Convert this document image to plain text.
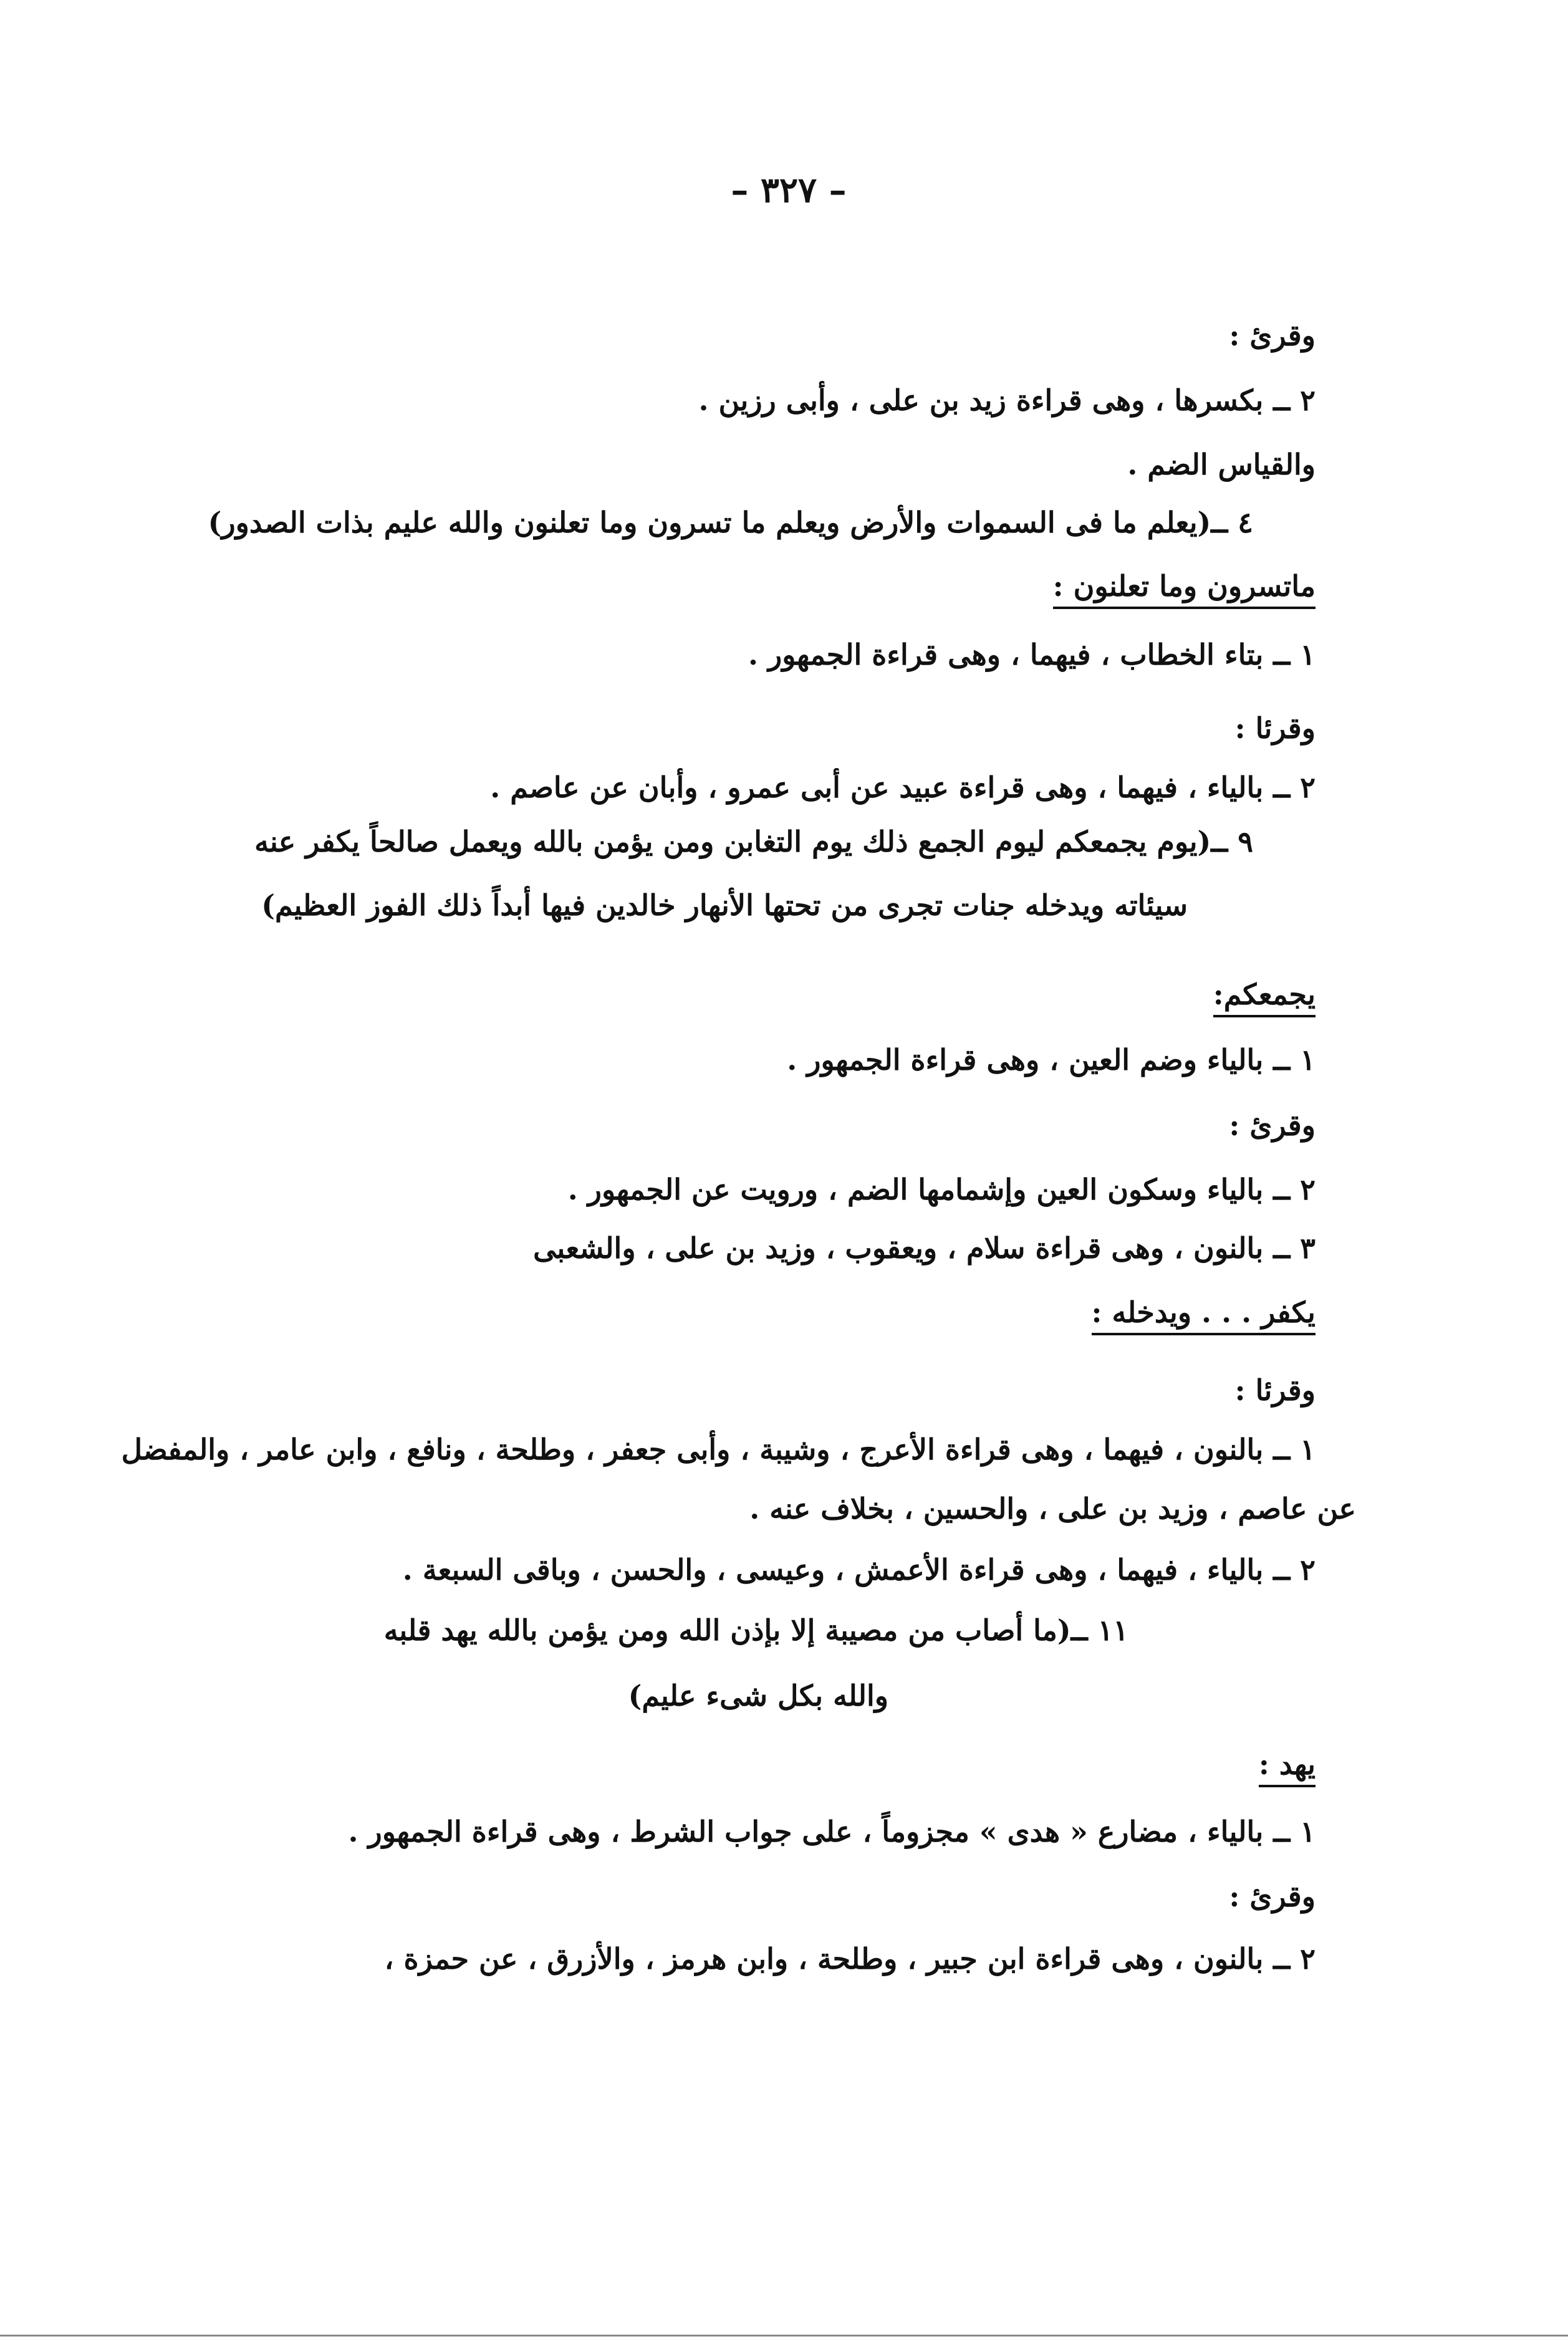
– ٣٢٧ –
وقرئ :
٢ ــ بكسرها ، وهى قراءة زيد بن على ، وأبى رزين .
والقياس الضم .
٤ ــ(يعلم ما فى السموات والأرض ويعلم ما تسرون وما تعلنون والله عليم بذات الصدور)
ماتسرون وما تعلنون :
١ ــ بتاء الخطاب ، فيهما ، وهى قراءة الجمهور .
وقرئا :
٢ ــ بالياء ، فيهما ، وهى قراءة عبيد عن أبى عمرو ، وأبان عن عاصم .
٩ ــ(يوم يجمعكم ليوم الجمع ذلك يوم التغابن ومن يؤمن بالله ويعمل صالحاً يكفر عنه
سيئاته ويدخله جنات تجرى من تحتها الأنهار خالدين فيها أبداً ذلك الفوز العظيم)
يجمعكم:
١ ــ بالياء وضم العين ، وهى قراءة الجمهور .
وقرئ :
٢ ــ بالياء وسكون العين وإشمامها الضم ، ورويت عن الجمهور .
٣ ــ بالنون ، وهى قراءة سلام ، ويعقوب ، وزيد بن على ، والشعبى
يكفر . . . ويدخله :
وقرئا :
١ ــ بالنون ، فيهما ، وهى قراءة الأعرج ، وشيبة ، وأبى جعفر ، وطلحة ، ونافع ، وابن عامر ، والمفضل
عن عاصم ، وزيد بن على ، والحسين ، بخلاف عنه .
٢ ــ بالياء ، فيهما ، وهى قراءة الأعمش ، وعيسى ، والحسن ، وباقى السبعة .
١١ ــ(ما أصاب من مصيبة إلا بإذن الله ومن يؤمن بالله يهد قلبه
والله بكل شىء عليم)
يهد :
١ ــ بالياء ، مضارع « هدى » مجزوماً ، على جواب الشرط ، وهى قراءة الجمهور .
وقرئ :
٢ ــ بالنون ، وهى قراءة ابن جبير ، وطلحة ، وابن هرمز ، والأزرق ، عن حمزة ،
